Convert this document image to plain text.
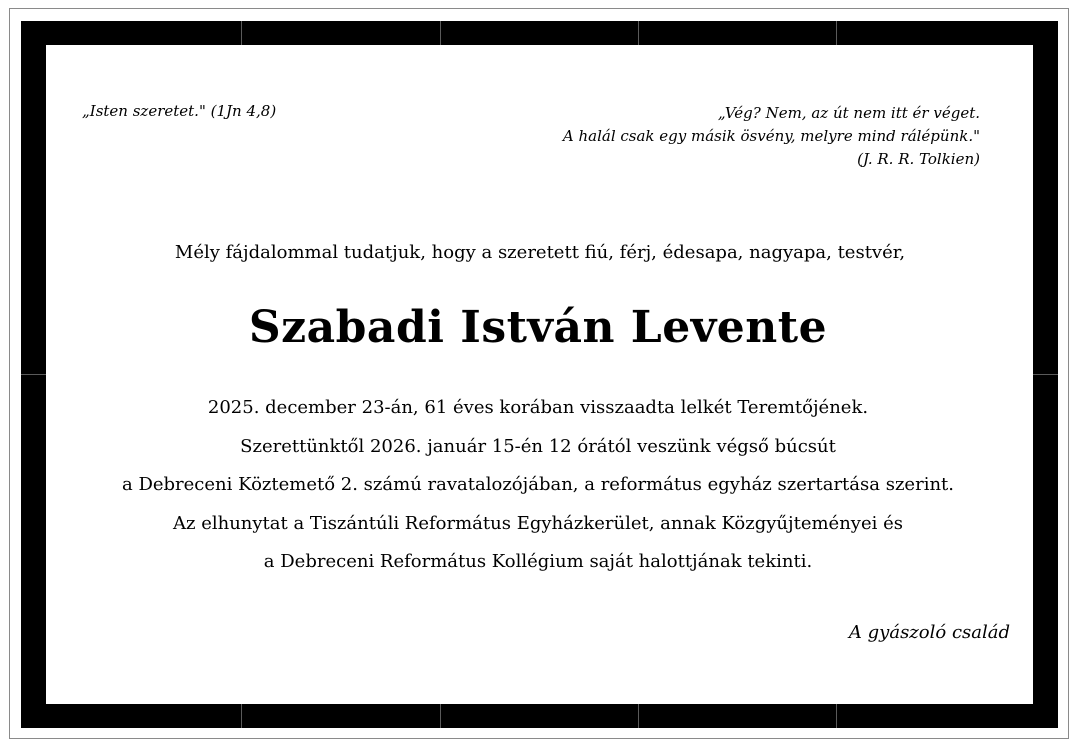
„Isten szeretet." (1Jn 4,8)	„Vég? Nem, az út nem itt ér véget.
A halál csak egy másik ösvény, melyre mind rálépünk."
(J. R. R. Tolkien)
Mély fájdalommal tudatjuk, hogy a szeretett fiú, férj, édesapa, nagyapa, testvér,
Szabadi István Levente
2025. december 23-án, 61 éves korában visszaadta lelkét Teremtőjének.
Szerettünktől 2026. január 15-én 12 órától veszünk végső búcsút
a Debreceni Köztemető 2. számú ravatalozójában, a református egyház szertartása szerint.
Az elhunytat a Tiszántúli Református Egyházkerület, annak Közgyűjteményei és
a Debreceni Református Kollégium saját halottjának tekinti.
A gyászoló család
